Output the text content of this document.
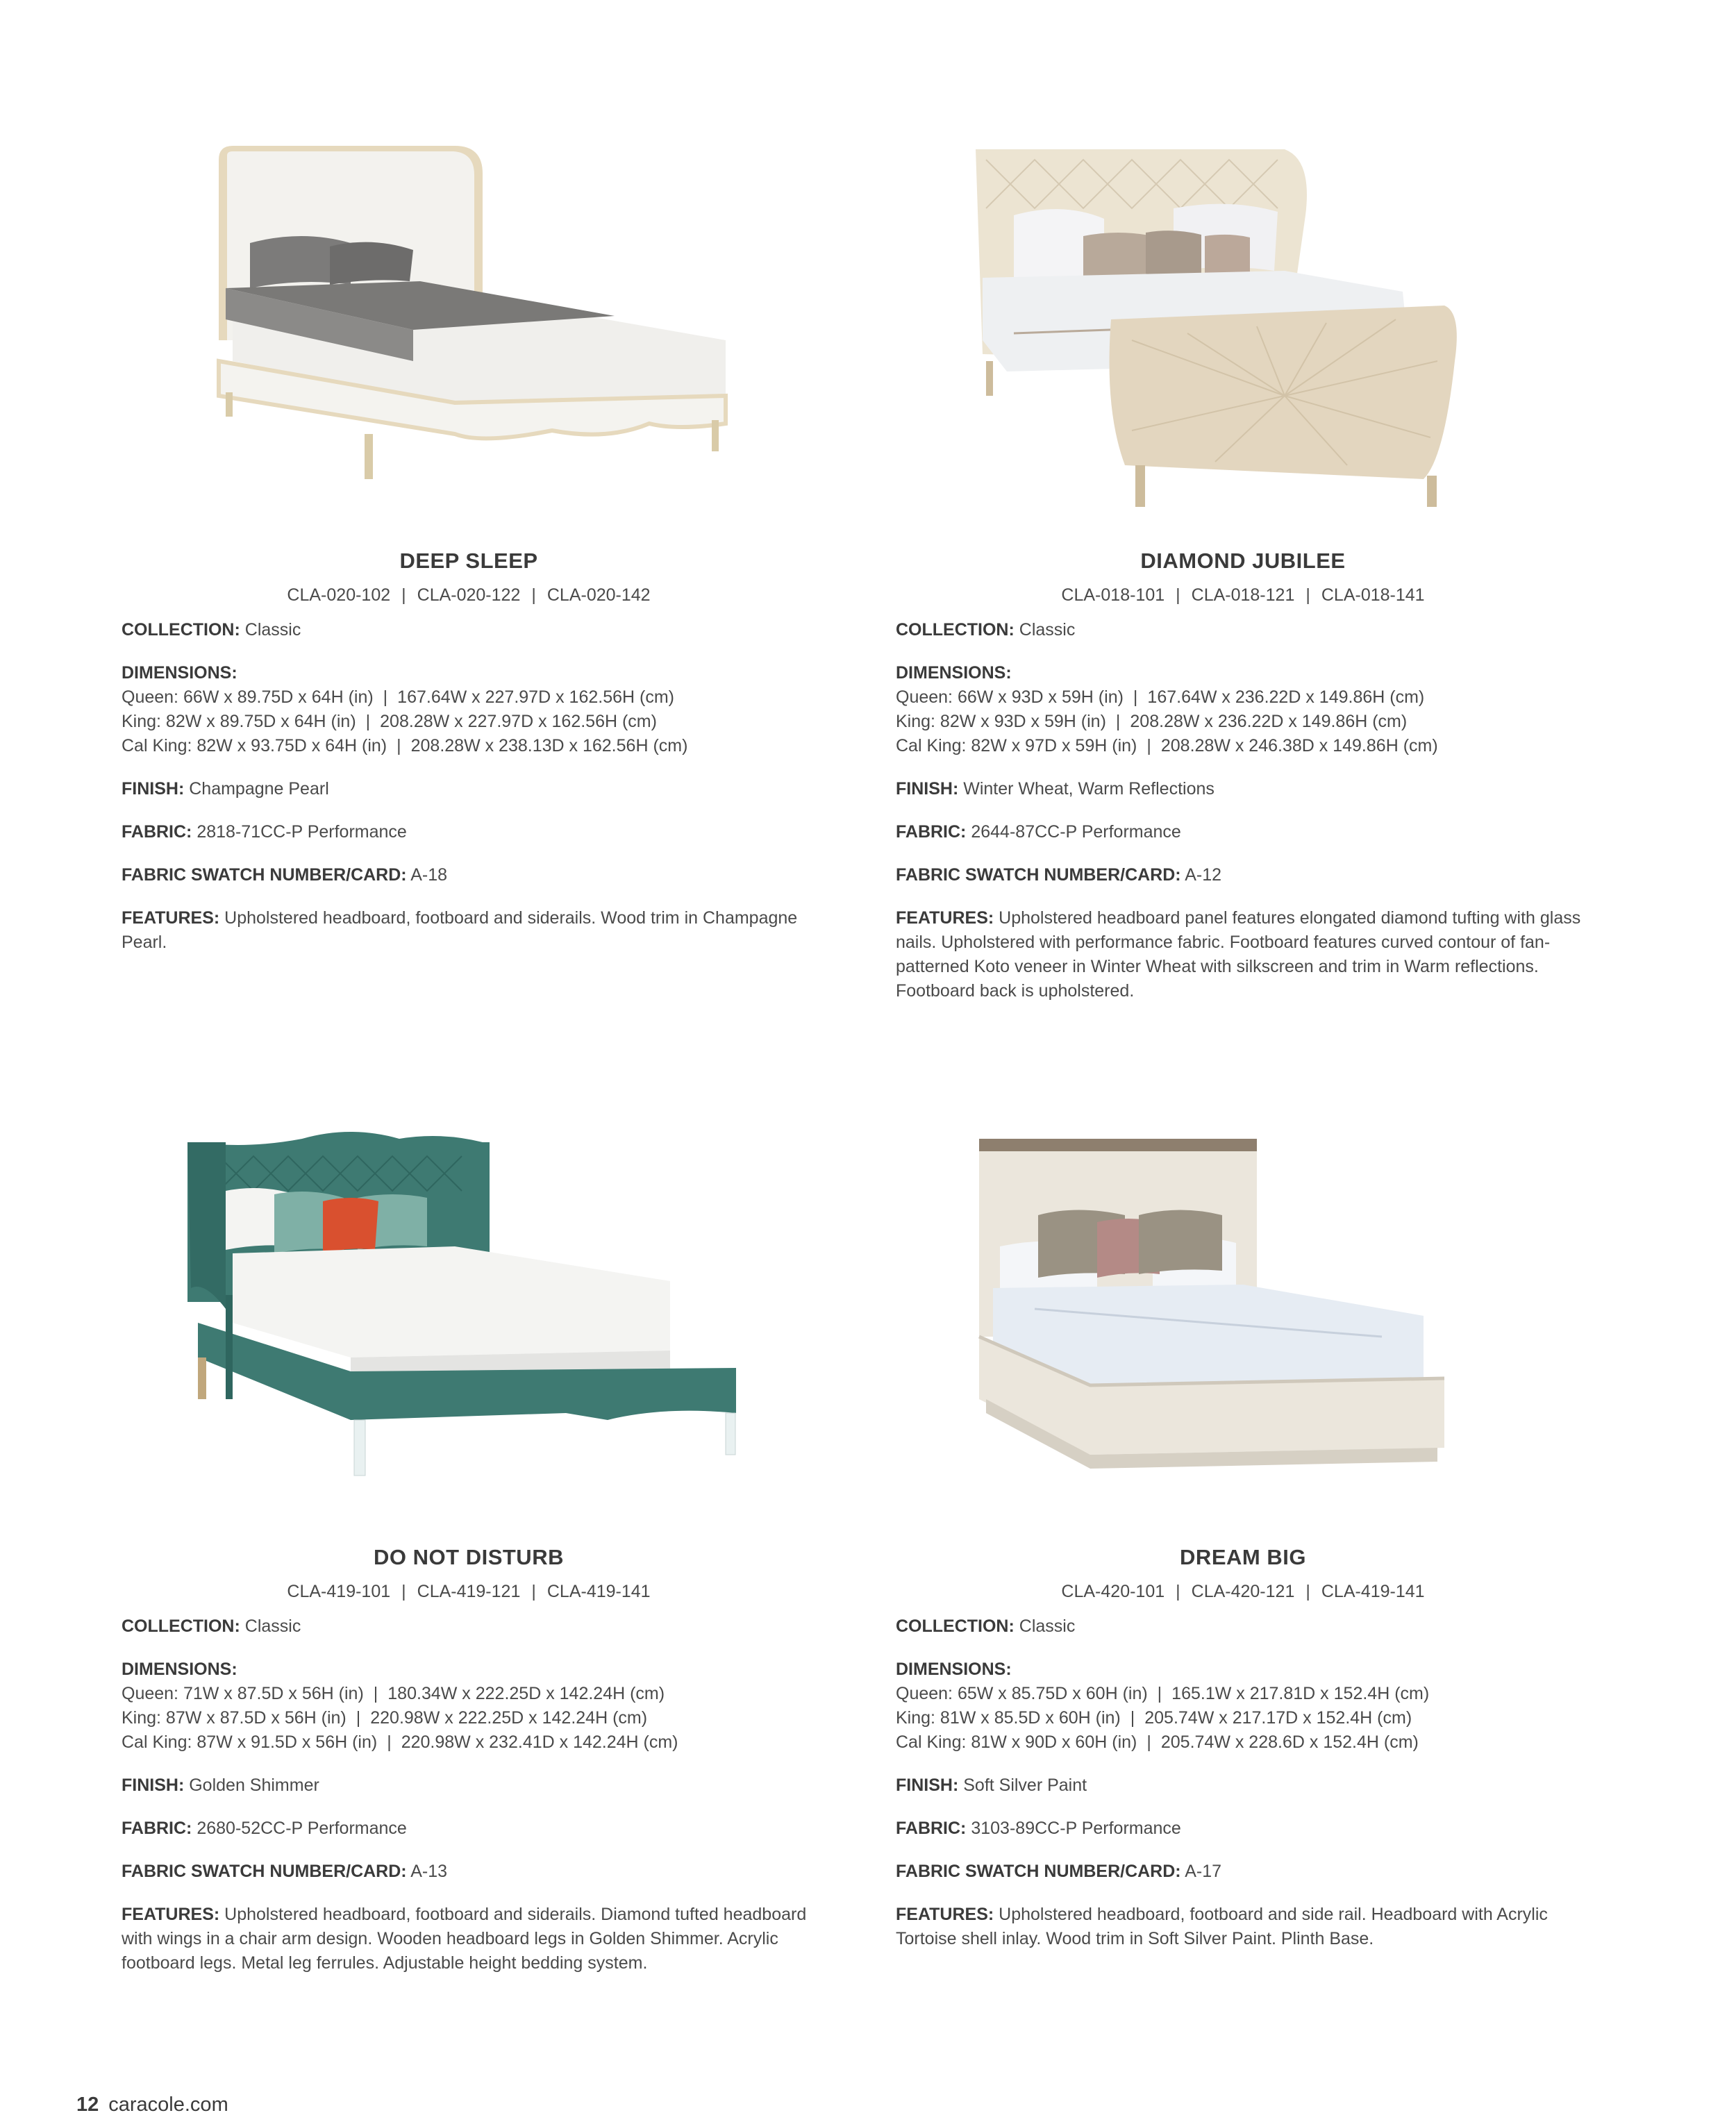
DEEP SLEEP
CLA-020-102 | CLA-020-122 | CLA-020-142
COLLECTION: Classic
DIMENSIONS:
Queen: 66W x 89.75D x 64H (in) | 167.64W x 227.97D x 162.56H (cm)
King: 82W x 89.75D x 64H (in) | 208.28W x 227.97D x 162.56H (cm)
Cal King: 82W x 93.75D x 64H (in) | 208.28W x 238.13D x 162.56H (cm)
FINISH: Champagne Pearl
FABRIC: 2818-71CC-P Performance
FABRIC SWATCH NUMBER/CARD: A-18
FEATURES: Upholstered headboard, footboard and siderails. Wood trim in Champagne Pearl.
DIAMOND JUBILEE
CLA-018-101 | CLA-018-121 | CLA-018-141
COLLECTION: Classic
DIMENSIONS:
Queen: 66W x 93D x 59H (in) | 167.64W x 236.22D x 149.86H (cm)
King: 82W x 93D x 59H (in) | 208.28W x 236.22D x 149.86H (cm)
Cal King: 82W x 97D x 59H (in) | 208.28W x 246.38D x 149.86H (cm)
FINISH: Winter Wheat, Warm Reflections
FABRIC: 2644-87CC-P Performance
FABRIC SWATCH NUMBER/CARD: A-12
FEATURES: Upholstered headboard panel features elongated diamond tufting with glass nails. Upholstered with performance fabric. Footboard features curved contour of fan-patterned Koto veneer in Winter Wheat with silkscreen and trim in Warm reflections. Footboard back is upholstered.
DO NOT DISTURB
CLA-419-101 | CLA-419-121 | CLA-419-141
COLLECTION: Classic
DIMENSIONS:
Queen: 71W x 87.5D x 56H (in) | 180.34W x 222.25D x 142.24H (cm)
King: 87W x 87.5D x 56H (in) | 220.98W x 222.25D x 142.24H (cm)
Cal King: 87W x 91.5D x 56H (in) | 220.98W x 232.41D x 142.24H (cm)
FINISH: Golden Shimmer
FABRIC: 2680-52CC-P Performance
FABRIC SWATCH NUMBER/CARD: A-13
FEATURES: Upholstered headboard, footboard and siderails. Diamond tufted headboard with wings in a chair arm design. Wooden headboard legs in Golden Shimmer. Acrylic footboard legs. Metal leg ferrules. Adjustable height bedding system.
DREAM BIG
CLA-420-101 | CLA-420-121 | CLA-419-141
COLLECTION: Classic
DIMENSIONS:
Queen: 65W x 85.75D x 60H (in) | 165.1W x 217.81D x 152.4H (cm)
King: 81W x 85.5D x 60H (in) | 205.74W x 217.17D x 152.4H (cm)
Cal King: 81W x 90D x 60H (in) | 205.74W x 228.6D x 152.4H (cm)
FINISH: Soft Silver Paint
FABRIC: 3103-89CC-P Performance
FABRIC SWATCH NUMBER/CARD: A-17
FEATURES: Upholstered headboard, footboard and side rail. Headboard with Acrylic Tortoise shell inlay. Wood trim in Soft Silver Paint. Plinth Base.
12 caracole.com
